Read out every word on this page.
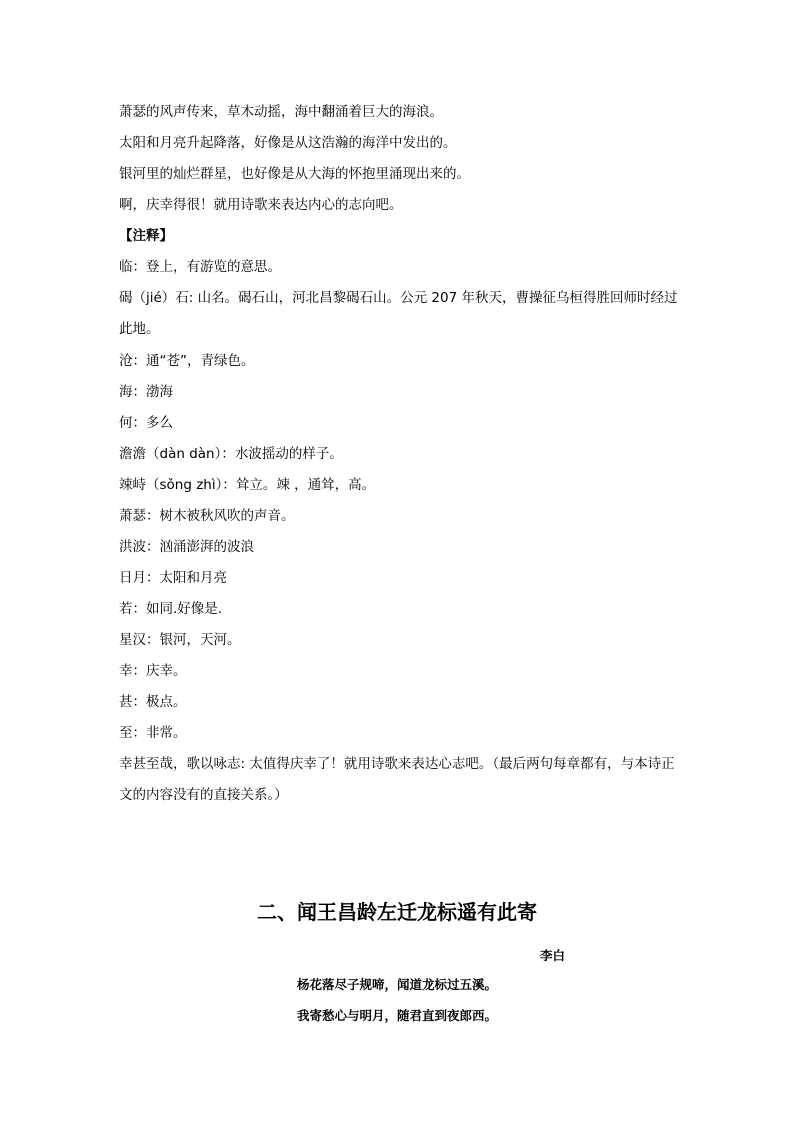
萧瑟的风声传来，草木动摇，海中翻涌着巨大的海浪。
太阳和月亮升起降落，好像是从这浩瀚的海洋中发出的。
银河里的灿烂群星，也好像是从大海的怀抱里涌现出来的。
啊，庆幸得很！就用诗歌来表达内心的志向吧。
【注释】
临：登上，有游览的意思。
碣（jié）石: 山名。碣石山，河北昌黎碣石山。公元 207 年秋天，曹操征乌桓得胜回师时经过此地。
沧：通“苍”，青绿色。
海：渤海
何：多么
澹澹（dàn dàn）：水波摇动的样子。
竦峙（sǒng zhì）：耸立。竦 ，通耸，高。
萧瑟：树木被秋风吹的声音。
洪波：汹涌澎湃的波浪
日月：太阳和月亮
若：如同.好像是.
星汉：银河，天河。
幸：庆幸。
甚：极点。
至：非常。
幸甚至哉，歌以咏志: 太值得庆幸了！就用诗歌来表达心志吧。（最后两句每章都有，与本诗正文的内容没有的直接关系。）
二、闻王昌龄左迁龙标遥有此寄
李白
杨花落尽子规啼，闻道龙标过五溪。
我寄愁心与明月，随君直到夜郎西。
